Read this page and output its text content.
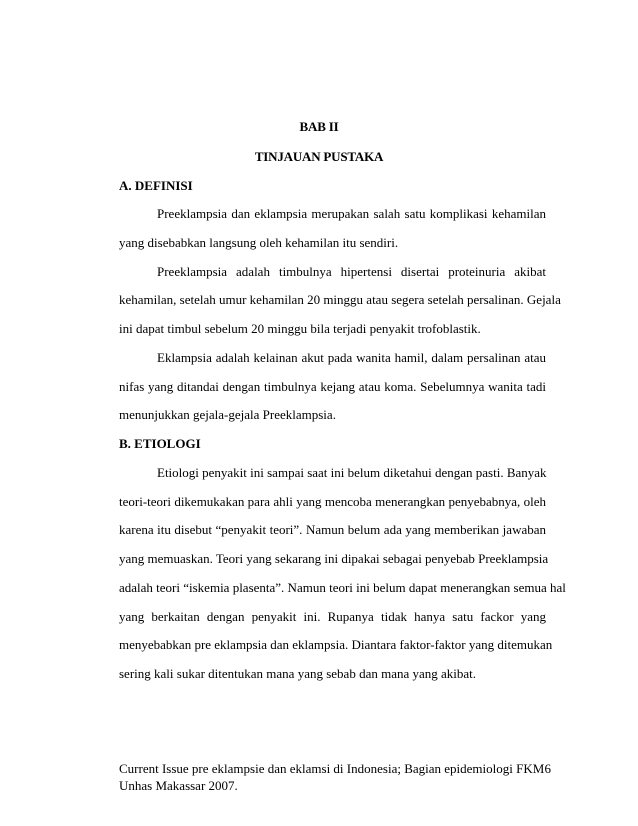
BAB II
TINJAUAN PUSTAKA
A. DEFINISI
Preeklampsia dan eklampsia merupakan salah satu komplikasi kehamilan
yang disebabkan langsung oleh kehamilan itu sendiri.
Preeklampsia adalah timbulnya hipertensi disertai proteinuria akibat
kehamilan, setelah umur kehamilan 20 minggu atau segera setelah persalinan. Gejala
ini dapat timbul sebelum 20 minggu bila terjadi penyakit trofoblastik.
Eklampsia adalah kelainan akut pada wanita hamil, dalam persalinan atau
nifas yang ditandai dengan timbulnya kejang atau koma. Sebelumnya wanita tadi
menunjukkan gejala-gejala Preeklampsia.
B. ETIOLOGI
Etiologi penyakit ini sampai saat ini belum diketahui dengan pasti. Banyak
teori-teori dikemukakan para ahli yang mencoba menerangkan penyebabnya, oleh
karena itu disebut “penyakit teori”. Namun belum ada yang memberikan jawaban
yang memuaskan. Teori yang sekarang ini dipakai sebagai penyebab Preeklampsia
adalah teori “iskemia plasenta”. Namun teori ini belum dapat menerangkan semua hal
yang berkaitan dengan penyakit ini. Rupanya tidak hanya satu fackor yang
menyebabkan pre eklampsia dan eklampsia. Diantara faktor-faktor yang ditemukan
sering kali sukar ditentukan mana yang sebab dan mana yang akibat.
Current Issue pre eklampsie dan eklamsi di Indonesia; Bagian epidemiologi FKM
Unhas Makassar 2007.
6
